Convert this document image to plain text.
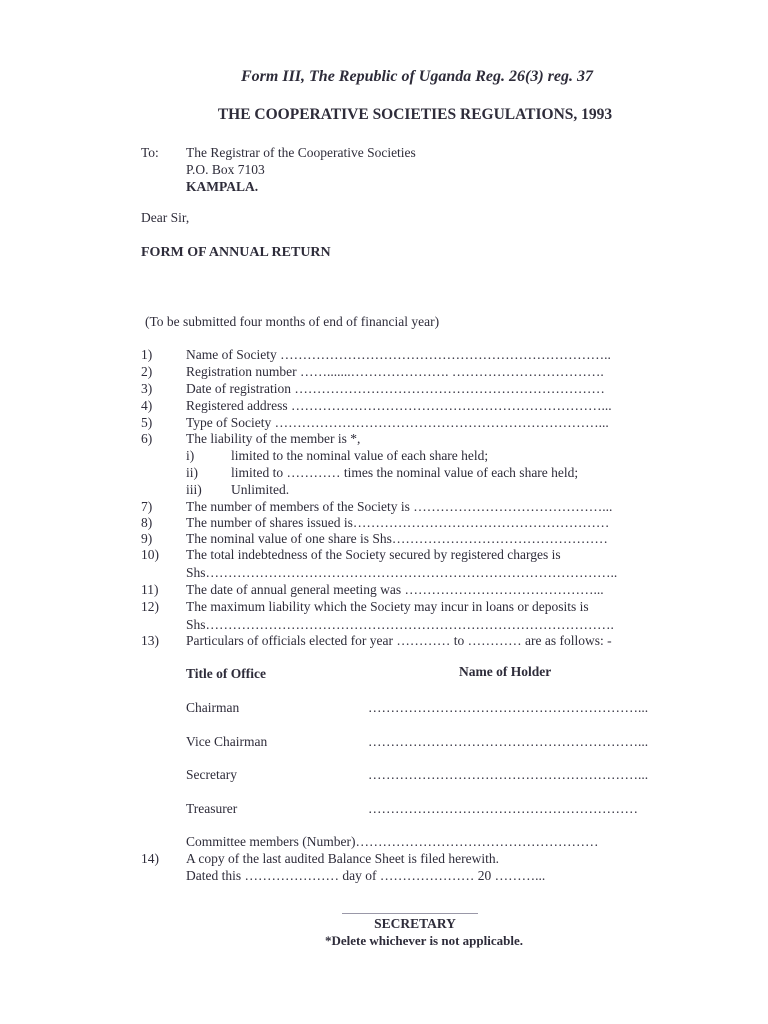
Form III, The Republic of Uganda Reg. 26(3) reg. 37
THE COOPERATIVE SOCIETIES REGULATIONS, 1993
To: The Registrar of the Cooperative Societies
P.O. Box 7103
KAMPALA.
Dear Sir,
FORM OF ANNUAL RETURN
(To be submitted four months of end of financial year)
1)	Name of Society ………………………………………………………………..
2)	Registration number …….......…………………. …………………………….
3)	Date of registration ……………………………………………………………
4)	Registered address ……………………………………………………………...
5)	Type of Society ………………………………………………………………...
6)	The liability of the member is *,
i)	limited to the nominal value of each share held;
ii) limited to ………… times the nominal value of each share held;
iii) Unlimited.
7)	The number of members of the Society is ……………………………………...
8)	The number of shares issued is…………………………………………………
9)	The nominal value of one share is Shs…………………………………………
10) The total indebtedness of the Society secured by registered charges is
Shs………………………………………………………………………………..
11) The date of annual general meeting was ……………………………………...
12) The maximum liability which the Society may incur in loans or deposits is
Shs……………………………………………………………………………….
13) Particulars of officials elected for year ………… to ………… are as follows: -
Title of Office	Name of Holder
Chairman	……………………………………………………...
Vice Chairman	……………………………………………………...
Secretary	……………………………………………………...
Treasurer	……………………………………………………
Committee members (Number)………………………………………………
14) A copy of the last audited Balance Sheet is filed herewith.
Dated this ………………… day of ………………… 20 ………...
SECRETARY
*Delete whichever is not applicable.
